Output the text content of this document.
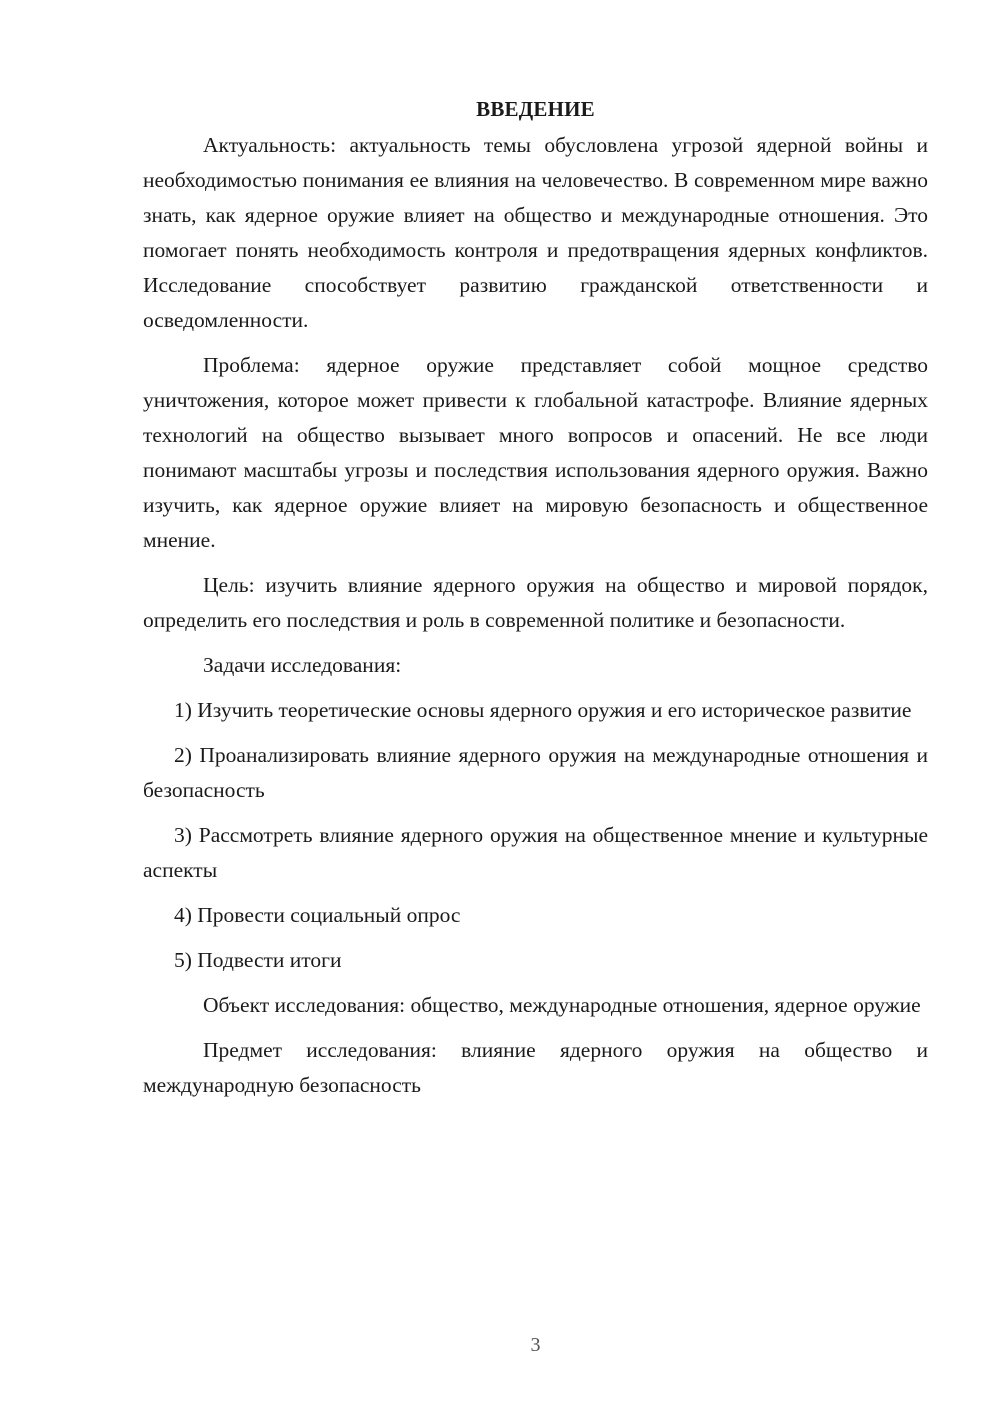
ВВЕДЕНИЕ

Актуальность: актуальность темы обусловлена угрозой ядерной войны и необходимостью понимания ее влияния на человечество. В современном мире важно знать, как ядерное оружие влияет на общество и международные отношения. Это помогает понять необходимость контроля и предотвращения ядерных конфликтов. Исследование способствует развитию гражданской ответственности и осведомленности.

Проблема: ядерное оружие представляет собой мощное средство уничтожения, которое может привести к глобальной катастрофе. Влияние ядерных технологий на общество вызывает много вопросов и опасений. Не все люди понимают масштабы угрозы и последствия использования ядерного оружия. Важно изучить, как ядерное оружие влияет на мировую безопасность и общественное мнение.

Цель: изучить влияние ядерного оружия на общество и мировой порядок, определить его последствия и роль в современной политике и безопасности.

Задачи исследования:

1) Изучить теоретические основы ядерного оружия и его историческое развитие

2) Проанализировать влияние ядерного оружия на международные отношения и безопасность

3) Рассмотреть влияние ядерного оружия на общественное мнение и культурные аспекты

4) Провести социальный опрос

5) Подвести итоги

Объект исследования: общество, международные отношения, ядерное оружие

Предмет исследования: влияние ядерного оружия на общество и международную безопасность

3
